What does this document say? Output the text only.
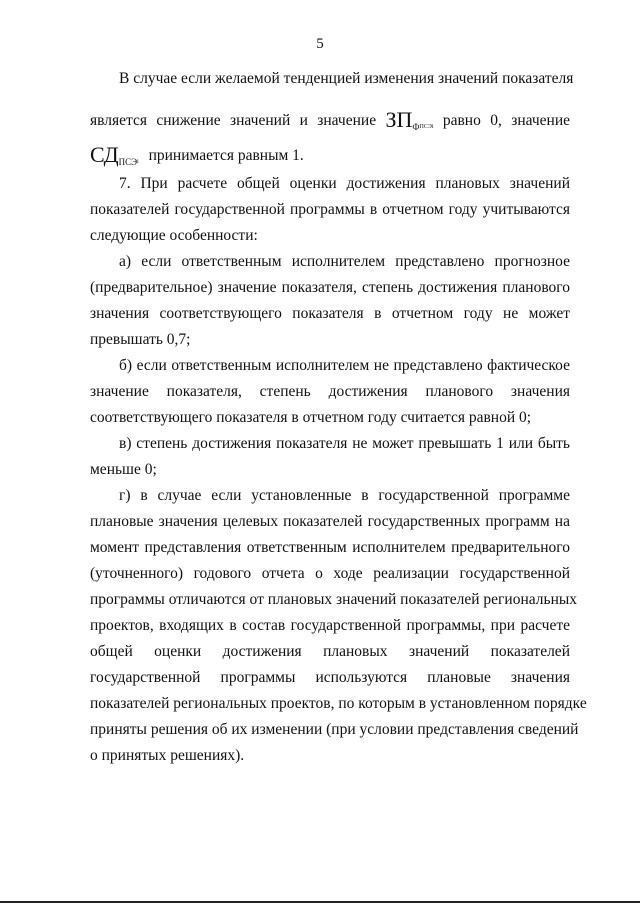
5
В случае если желаемой тенденцией изменения значений показателя
является снижение значений и значение $ЗП_ФПСЭi$ равно 0, значение
$СД_{ПСЭ}i$ принимается равным 1.
7. При расчете общей оценки достижения плановых значений
показателей государственной программы в отчетном году учитываются
следующие особенности:
а) если ответственным исполнителем представлено прогнозное
(предварительное) значение показателя, степень достижения планового
значения соответствующего показателя в отчетном году не может
превышать 0,7;
б) если ответственным исполнителем не представлено фактическое
значение показателя, степень достижения планового значения
соответствующего показателя в отчетном году считается равной 0;
в) степень достижения показателя не может превышать 1 или быть
меньше 0;
г) в случае если установленные в государственной программе
плановые значения целевых показателей государственных программ на
момент представления ответственным исполнителем предварительного
(уточненного) годового отчета о ходе реализации государственной
программы отличаются от плановых значений показателей региональных
проектов, входящих в состав государственной программы, при расчете
общей оценки достижения плановых значений показателей
государственной программы используются плановые значения
показателей региональных проектов, по которым в установленном порядке
приняты решения об их изменении (при условии представления сведений
о принятых решениях).
